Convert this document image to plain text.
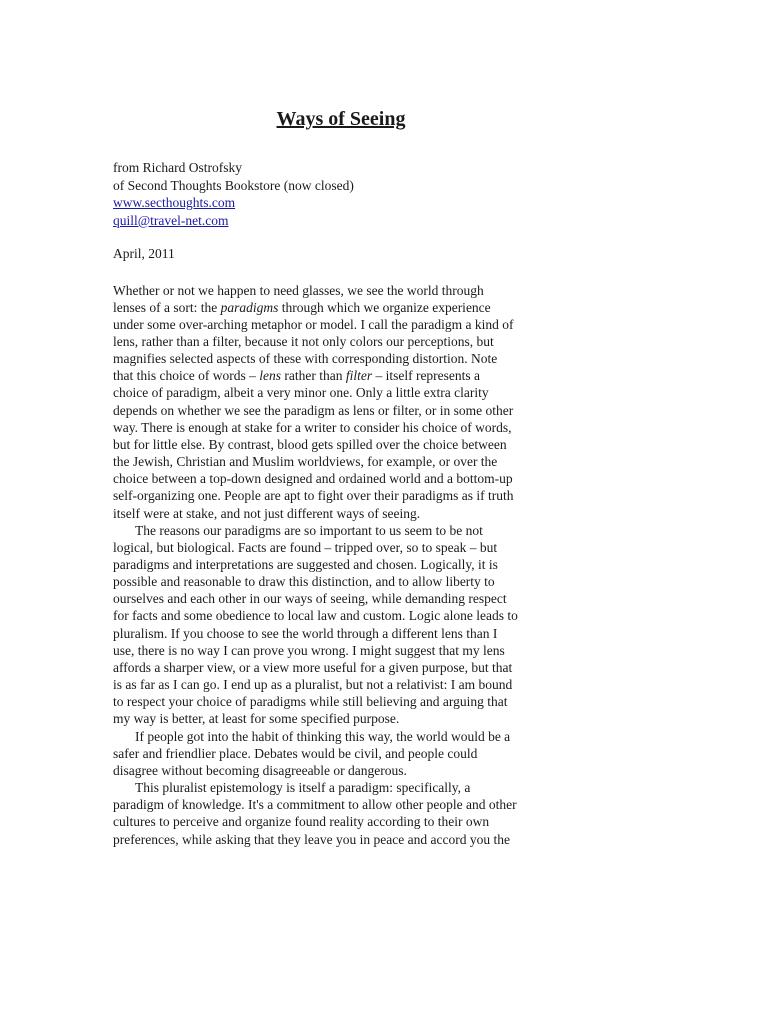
Ways of Seeing
from Richard Ostrofsky
of Second Thoughts Bookstore (now closed)
www.secthoughts.com
quill@travel-net.com
April, 2011
Whether or not we happen to need glasses, we see the world through
lenses of a sort: the paradigms through which we organize experience
under some over-arching metaphor or model. I call the paradigm a kind of
lens, rather than a filter, because it not only colors our perceptions, but
magnifies selected aspects of these with corresponding distortion. Note
that this choice of words – lens rather than filter – itself represents a
choice of paradigm, albeit a very minor one. Only a little extra clarity
depends on whether we see the paradigm as lens or filter, or in some other
way. There is enough at stake for a writer to consider his choice of words,
but for little else. By contrast, blood gets spilled over the choice between
the Jewish, Christian and Muslim worldviews, for example, or over the
choice between a top-down designed and ordained world and a bottom-up
self-organizing one. People are apt to fight over their paradigms as if truth
itself were at stake, and not just different ways of seeing.
The reasons our paradigms are so important to us seem to be not
logical, but biological. Facts are found – tripped over, so to speak – but
paradigms and interpretations are suggested and chosen. Logically, it is
possible and reasonable to draw this distinction, and to allow liberty to
ourselves and each other in our ways of seeing, while demanding respect
for facts and some obedience to local law and custom. Logic alone leads to
pluralism. If you choose to see the world through a different lens than I
use, there is no way I can prove you wrong. I might suggest that my lens
affords a sharper view, or a view more useful for a given purpose, but that
is as far as I can go. I end up as a pluralist, but not a relativist: I am bound
to respect your choice of paradigms while still believing and arguing that
my way is better, at least for some specified purpose.
If people got into the habit of thinking this way, the world would be a
safer and friendlier place. Debates would be civil, and people could
disagree without becoming disagreeable or dangerous.
This pluralist epistemology is itself a paradigm: specifically, a
paradigm of knowledge. It's a commitment to allow other people and other
cultures to perceive and organize found reality according to their own
preferences, while asking that they leave you in peace and accord you the
